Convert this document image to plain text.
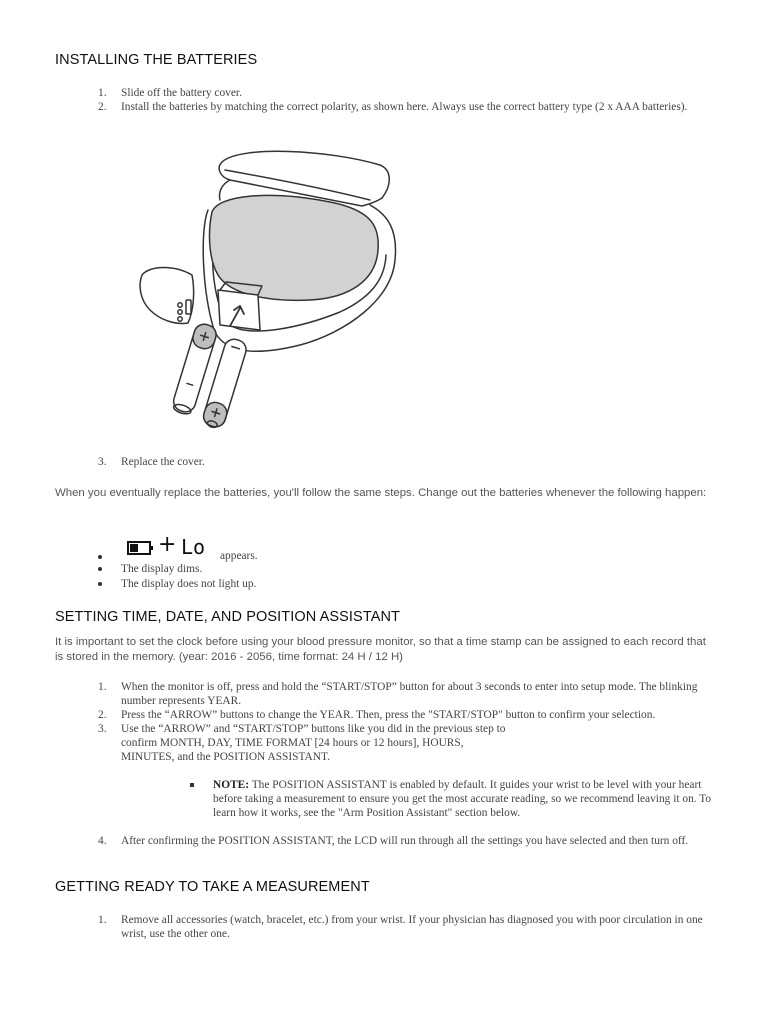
INSTALLING THE BATTERIES
1. Slide off the battery cover.
2. Install the batteries by matching the correct polarity, as shown here. Always use the correct battery type (2 x AAA batteries).
3. Replace the cover.
When you eventually replace the batteries, you'll follow the same steps. Change out the batteries whenever the following happen:
+ Lo appears.
The display dims.
The display does not light up.
SETTING TIME, DATE, AND POSITION ASSISTANT
It is important to set the clock before using your blood pressure monitor, so that a time stamp can be assigned to each record that is stored in the memory. (year: 2016 - 2056, time format: 24 H / 12 H)
1. When the monitor is off, press and hold the “START/STOP” button for about 3 seconds to enter into setup mode. The blinking number represents YEAR.
2. Press the “ARROW” buttons to change the YEAR. Then, press the "START/STOP" button to confirm your selection.
3. Use the “ARROW” and “START/STOP” buttons like you did in the previous step to
confirm MONTH, DAY, TIME FORMAT [24 hours or 12 hours], HOURS,
MINUTES, and the POSITION ASSISTANT.
NOTE: The POSITION ASSISTANT is enabled by default. It guides your wrist to be level with your heart before taking a measurement to ensure you get the most accurate reading, so we recommend leaving it on. To learn how it works, see the "Arm Position Assistant" section below.
4. After confirming the POSITION ASSISTANT, the LCD will run through all the settings you have selected and then turn off.
GETTING READY TO TAKE A MEASUREMENT
1. Remove all accessories (watch, bracelet, etc.) from your wrist. If your physician has diagnosed you with poor circulation in one wrist, use the other one.
